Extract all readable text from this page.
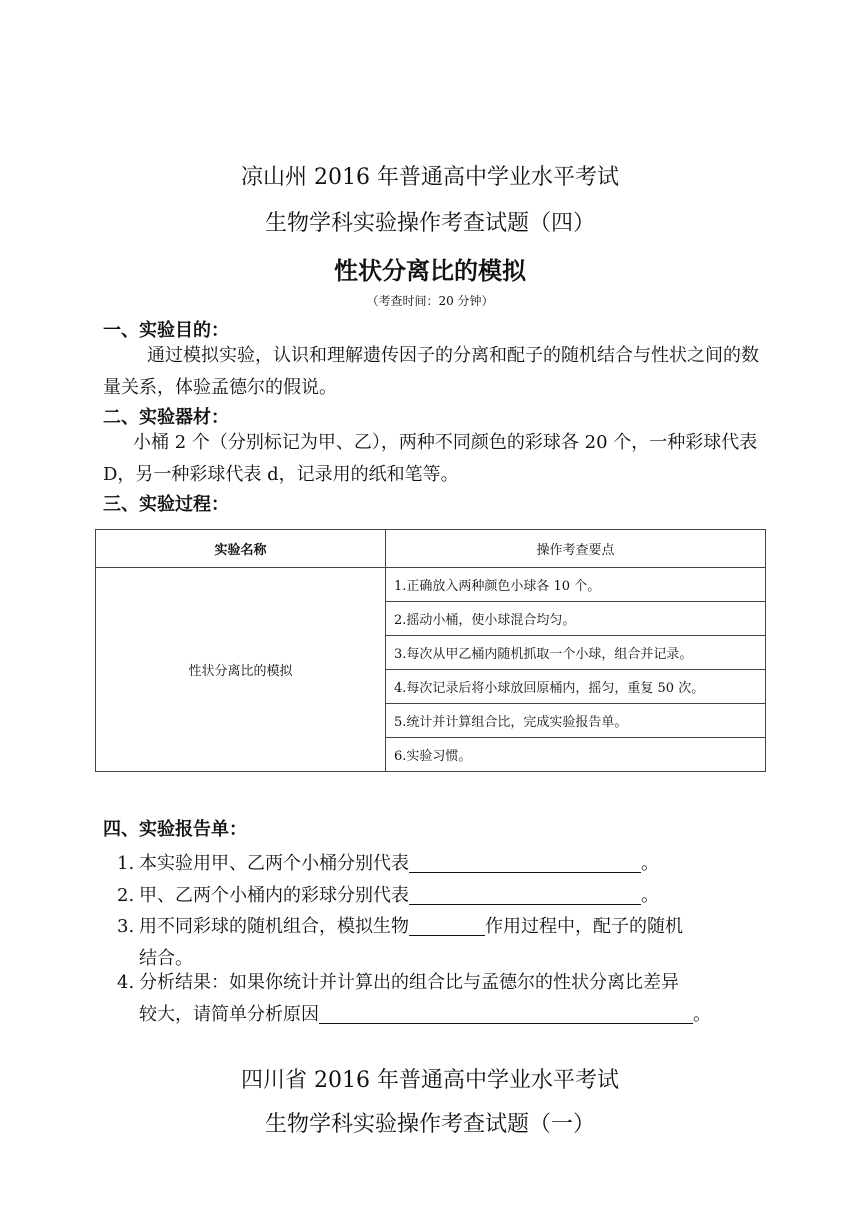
凉山州 2016 年普通高中学业水平考试
生物学科实验操作考查试题（四）
性状分离比的模拟
（考查时间：20 分钟）
一、实验目的：
通过模拟实验，认识和理解遗传因子的分离和配子的随机结合与性状之间的数量关系，体验孟德尔的假说。
二、实验器材：
小桶 2 个（分别标记为甲、乙），两种不同颜色的彩球各 20 个，一种彩球代表 D，另一种彩球代表 d，记录用的纸和笔等。
三、实验过程：
实验名称	操作考查要点
性状分离比的模拟	1.正确放入两种颜色小球各 10 个。
	2.摇动小桶，使小球混合均匀。
	3.每次从甲乙桶内随机抓取一个小球，组合并记录。
	4.每次记录后将小球放回原桶内，摇匀，重复 50 次。
	5.统计并计算组合比，完成实验报告单。
	6.实验习惯。
四、实验报告单：
1. 本实验用甲、乙两个小桶分别代表	。
2. 甲、乙两个小桶内的彩球分别代表	。
3. 用不同彩球的随机组合，模拟生物	作用过程中，配子的随机
结合。
4. 分析结果：如果你统计并计算出的组合比与孟德尔的性状分离比差异
较大，请简单分析原因	。
四川省 2016 年普通高中学业水平考试
生物学科实验操作考查试题（一）
